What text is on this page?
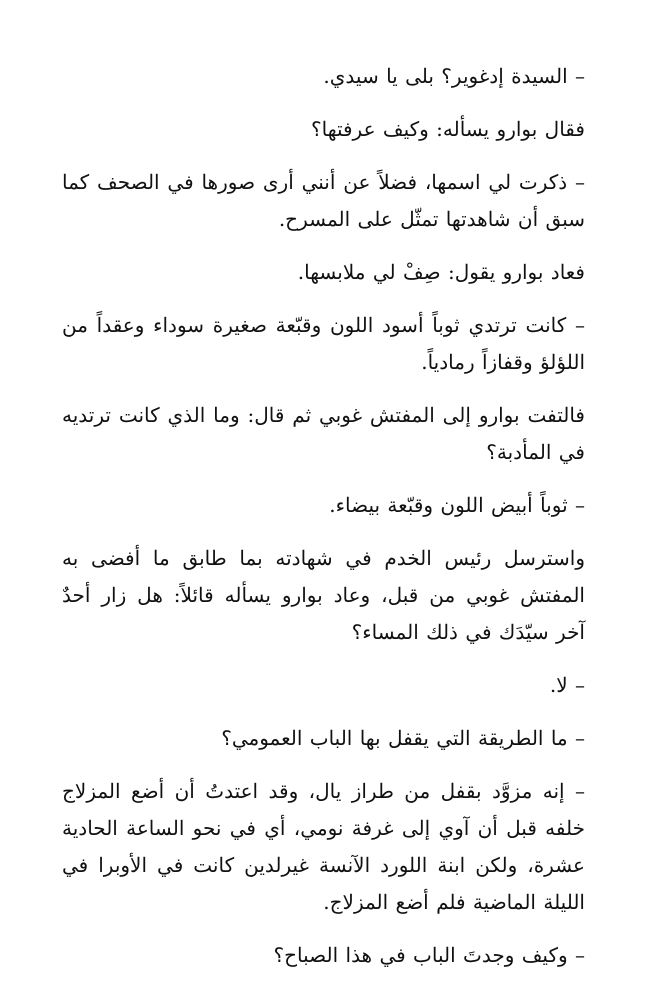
– السيدة إدغوير؟ بلى يا سيدي.

فقال بوارو يسأله: وكيف عرفتها؟

– ذكرت لي اسمها، فضلاً عن أنني أرى صورها في الصحف كما سبق أن شاهدتها تمثّل على المسرح.

فعاد بوارو يقول: صِفْ لي ملابسها.

– كانت ترتدي ثوباً أسود اللون وقبّعة صغيرة سوداء وعقداً من اللؤلؤ وقفازاً رمادياً.

فالتفت بوارو إلى المفتش غوبي ثم قال: وما الذي كانت ترتديه في المأدبة؟

– ثوباً أبيض اللون وقبّعة بيضاء.

واسترسل رئيس الخدم في شهادته بما طابق ما أفضى به المفتش غوبي من قبل، وعاد بوارو يسأله قائلاً: هل زار أحدٌ آخر سيّدَك في ذلك المساء؟

– لا.

– ما الطريقة التي يقفل بها الباب العمومي؟

– إنه مزوَّد بقفل من طراز يال، وقد اعتدتُ أن أضع المزلاج خلفه قبل أن آوي إلى غرفة نومي، أي في نحو الساعة الحادية عشرة، ولكن ابنة اللورد الآنسة غيرلدين كانت في الأوبرا في الليلة الماضية فلم أضع المزلاج.

– وكيف وجدتَ الباب في هذا الصباح؟
